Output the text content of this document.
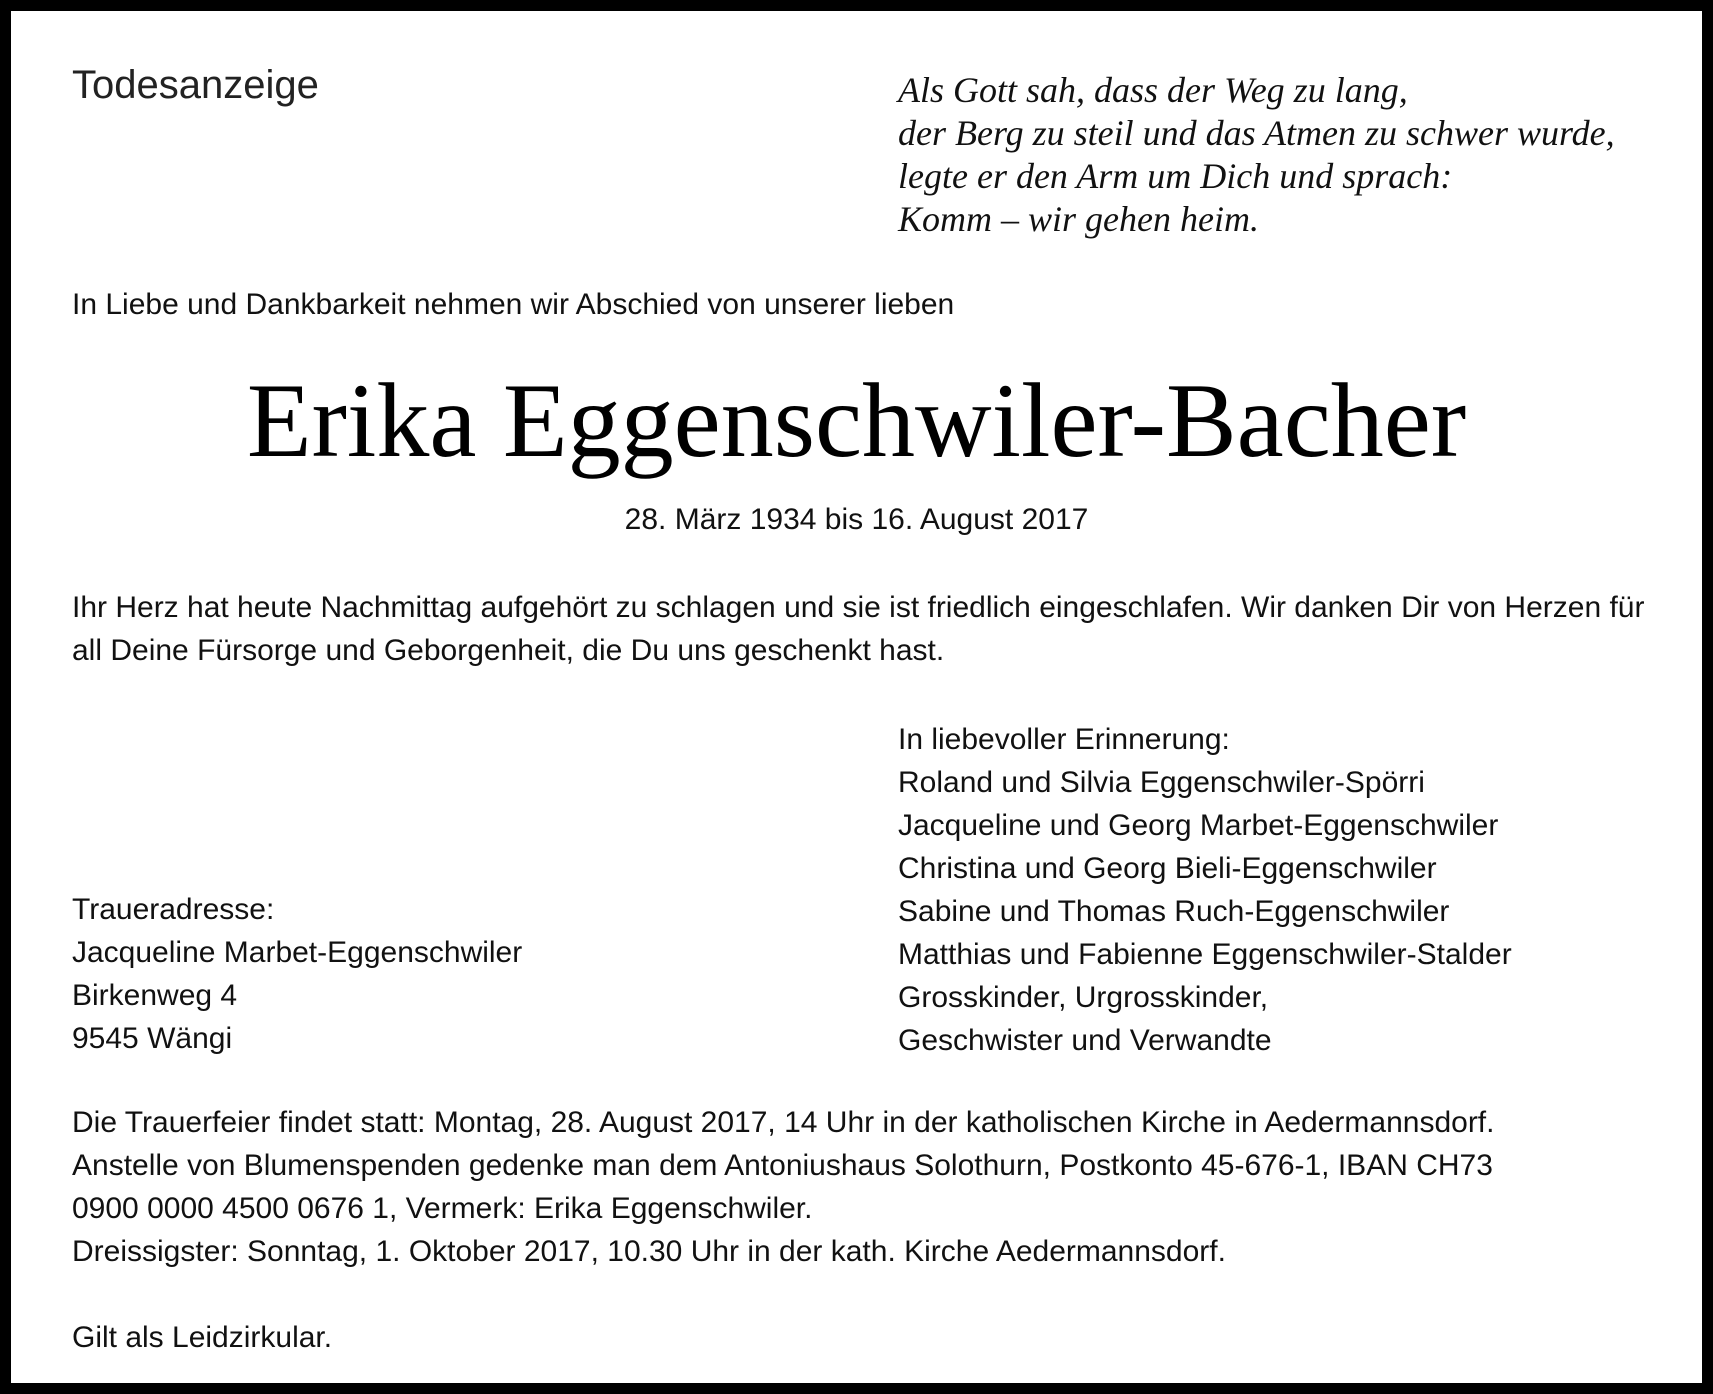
Todesanzeige	Als Gott sah, dass der Weg zu lang,
der Berg zu steil und das Atmen zu schwer wurde,
legte er den Arm um Dich und sprach:
Komm – wir gehen heim.
In Liebe und Dankbarkeit nehmen wir Abschied von unserer lieben
Erika Eggenschwiler-Bacher
28. März 1934 bis 16. August 2017
Ihr Herz hat heute Nachmittag aufgehört zu schlagen und sie ist friedlich eingeschlafen. Wir danken Dir von Herzen für all Deine Fürsorge und Geborgenheit, die Du uns geschenkt hast.
In liebevoller Erinnerung:
Roland und Silvia Eggenschwiler-Spörri
Jacqueline und Georg Marbet-Eggenschwiler
Christina und Georg Bieli-Eggenschwiler
Sabine und Thomas Ruch-Eggenschwiler
Matthias und Fabienne Eggenschwiler-Stalder
Grosskinder, Urgrosskinder,
Geschwister und Verwandte
Traueradresse:
Jacqueline Marbet-Eggenschwiler
Birkenweg 4
9545 Wängi
Die Trauerfeier findet statt: Montag, 28. August 2017, 14 Uhr in der katholischen Kirche in Aedermannsdorf.
Anstelle von Blumenspenden gedenke man dem Antoniushaus Solothurn, Postkonto 45-676-1, IBAN CH73
0900 0000 4500 0676 1, Vermerk: Erika Eggenschwiler.
Dreissigster: Sonntag, 1. Oktober 2017, 10.30 Uhr in der kath. Kirche Aedermannsdorf.
Gilt als Leidzirkular.
